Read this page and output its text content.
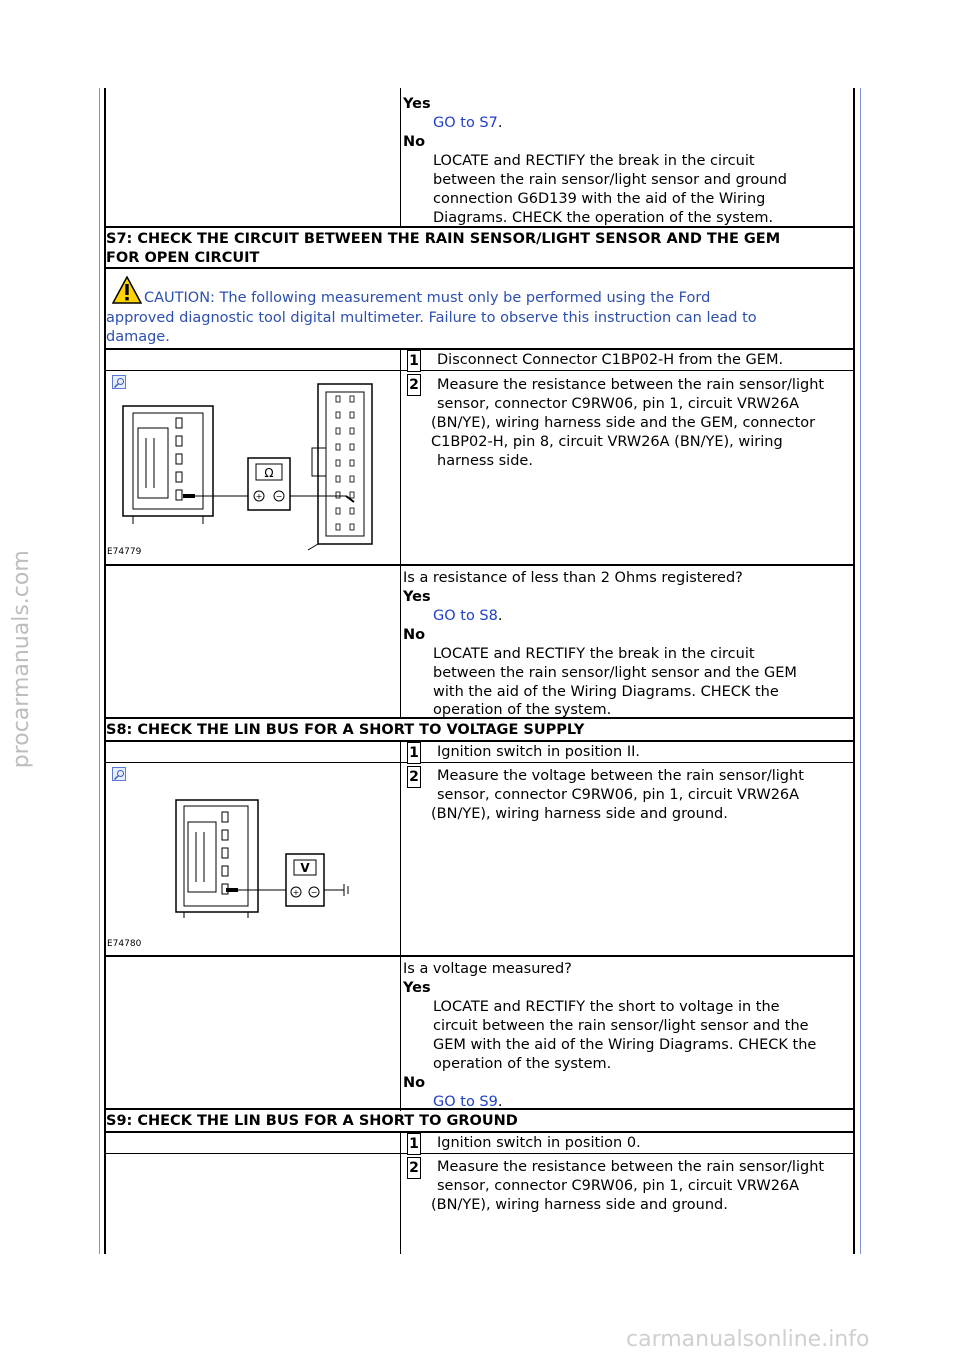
Yes
GO to S7.
No
LOCATE and RECTIFY the break in the circuit
between the rain sensor/light sensor and ground
connection G6D139 with the aid of the Wiring
Diagrams. CHECK the operation of the system.
S7: CHECK THE CIRCUIT BETWEEN THE RAIN SENSOR/LIGHT SENSOR AND THE GEM
FOR OPEN CIRCUIT
CAUTION: The following measurement must only be performed using the Ford
approved diagnostic tool digital multimeter. Failure to observe this instruction can lead to
damage.
1 Disconnect Connector C1BP02-H from the GEM.
2 Measure the resistance between the rain sensor/light
sensor, connector C9RW06, pin 1, circuit VRW26A
(BN/YE), wiring harness side and the GEM, connector
C1BP02-H, pin 8, circuit VRW26A (BN/YE), wiring
harness side.
Ω
+ −
E74779
Is a resistance of less than 2 Ohms registered?
Yes
GO to S8.
No
LOCATE and RECTIFY the break in the circuit
between the rain sensor/light sensor and the GEM
with the aid of the Wiring Diagrams. CHECK the
operation of the system.
S8: CHECK THE LIN BUS FOR A SHORT TO VOLTAGE SUPPLY
1 Ignition switch in position II.
2 Measure the voltage between the rain sensor/light
sensor, connector C9RW06, pin 1, circuit VRW26A
(BN/YE), wiring harness side and ground.
V
+ −
E74780
Is a voltage measured?
Yes
LOCATE and RECTIFY the short to voltage in the
circuit between the rain sensor/light sensor and the
GEM with the aid of the Wiring Diagrams. CHECK the
operation of the system.
No
GO to S9.
S9: CHECK THE LIN BUS FOR A SHORT TO GROUND
1 Ignition switch in position 0.
2 Measure the resistance between the rain sensor/light
sensor, connector C9RW06, pin 1, circuit VRW26A
(BN/YE), wiring harness side and ground.
procarmanuals.com
carmanualsonline.info
